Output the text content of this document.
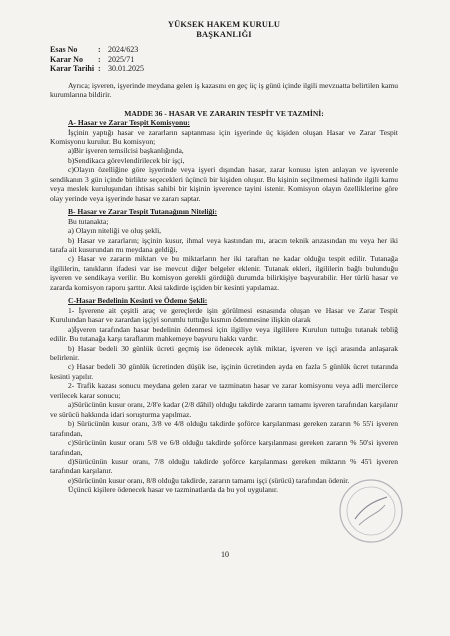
YÜKSEK HAKEM KURULU
BAŞKANLIĞI
Esas No	: 2024/623
Karar No	: 2025/71
Karar Tarihi : 30.01.2025

Ayrıca; işveren, işyerinde meydana gelen iş kazasını en geç üç iş günü içinde ilgili mevzuatta belirtilen kamu kurumlarına bildirir.

MADDE 36 - HASAR VE ZARARIN TESPİT VE TAZMİNİ:

A- Hasar ve Zarar Tespit Komisyonu:

İşçinin yaptığı hasar ve zararların saptanması için işyerinde üç kişiden oluşan Hasar ve Zarar Tespit Komisyonu kurulur. Bu komisyon;

a)Bir işveren temsilcisi başkanlığında,

b)Sendikaca görevlendirilecek bir işçi,

c)Olayın özelliğine göre işyerinde veya işyeri dışından hasar, zarar konusu işten anlayan ve işverenle sendikanın 3 gün içinde birlikte seçecekleri üçüncü bir kişiden oluşur. Bu kişinin seçilmemesi halinde ilgili kamu veya meslek kuruluşundan ihtisas sahibi bir kişinin işverence tayini istenir. Komisyon olayın özelliklerine göre olay yerinde veya işyerinde hasar ve zararı saptar.

B- Hasar ve Zarar Tespit Tutanağının Niteliği:

Bu tutanakta;

a) Olayın niteliği ve oluş şekli,

b) Hasar ve zararların; işçinin kusur, ihmal veya kastından mı, aracın teknik arızasından mı veya her iki tarafa ait kusurundan mı meydana geldiği,

c) Hasar ve zararın miktarı ve bu miktarların her iki taraftan ne kadar olduğu tespit edilir. Tutanağa ilgililerin, tanıkların ifadesi var ise mevcut diğer belgeler eklenir. Tutanak ekleri, ilgililerin bağlı bulunduğu işveren ve sendikaya verilir. Bu komisyon gerekli gördüğü durumda bilirkişiye başvurabilir. Her türlü hasar ve zararda komisyon raporu şarttır. Aksi takdirde işçiden bir kesinti yapılamaz.

C-Hasar Bedelinin Kesinti ve Ödeme Şekli:

1- İşverene ait çeşitli araç ve gereçlerde işin görülmesi esnasında oluşan ve Hasar ve Zarar Tespit Kurulundan hasar ve zarardan işçiyi sorumlu tuttuğu kısmın ödenmesine ilişkin olarak

a)İşveren tarafından hasar bedelinin ödenmesi için ilgiliye veya ilgililere Kurulun tuttuğu tutanak tebliğ edilir. Bu tutanağa karşı taraflarım mahkemeye başvuru hakkı vardır.

b) Hasar bedeli 30 günlük ücreti geçmiş ise ödenecek aylık miktar, işveren ve işçi arasında anlaşarak belirlenir.

c) Hasar bedeli 30 günlük ücretinden düşük ise, işçinin ücretinden ayda en fazla 5 günlük ücret tutarında kesinti yapılır.

2- Trafik kazası sonucu meydana gelen zarar ve tazminatın hasar ve zarar komisyonu veya adli mercilerce verilecek karar sonucu;

a)Sürücünün kusur oranı, 2/8'e kadar (2/8 dâhil) olduğu takdirde zararın tamamı işveren tarafından karşılanır ve sürücü hakkında idari soruşturma yapılmaz.

b) Sürücünün kusur oranı, 3/8 ve 4/8 olduğu takdirde şoförce karşılanması gereken zararın % 55'i işveren tarafından,

c)Sürücünün kusur oranı 5/8 ve 6/8 olduğu takdirde şoförce karşılanması gereken zararın % 50'si işveren tarafından,

d)Sürücünün kusur oranı, 7/8 olduğu takdirde şoförce karşılanması gereken miktarın % 45'i işveren tarafından karşılanır.

e)Sürücünün kusur oranı, 8/8 olduğu takdirde, zararın tamamı işçi (sürücü) tarafından ödenir.

Üçüncü kişilere ödenecek hasar ve tazminatlarda da bu yol uygulanır.

10
